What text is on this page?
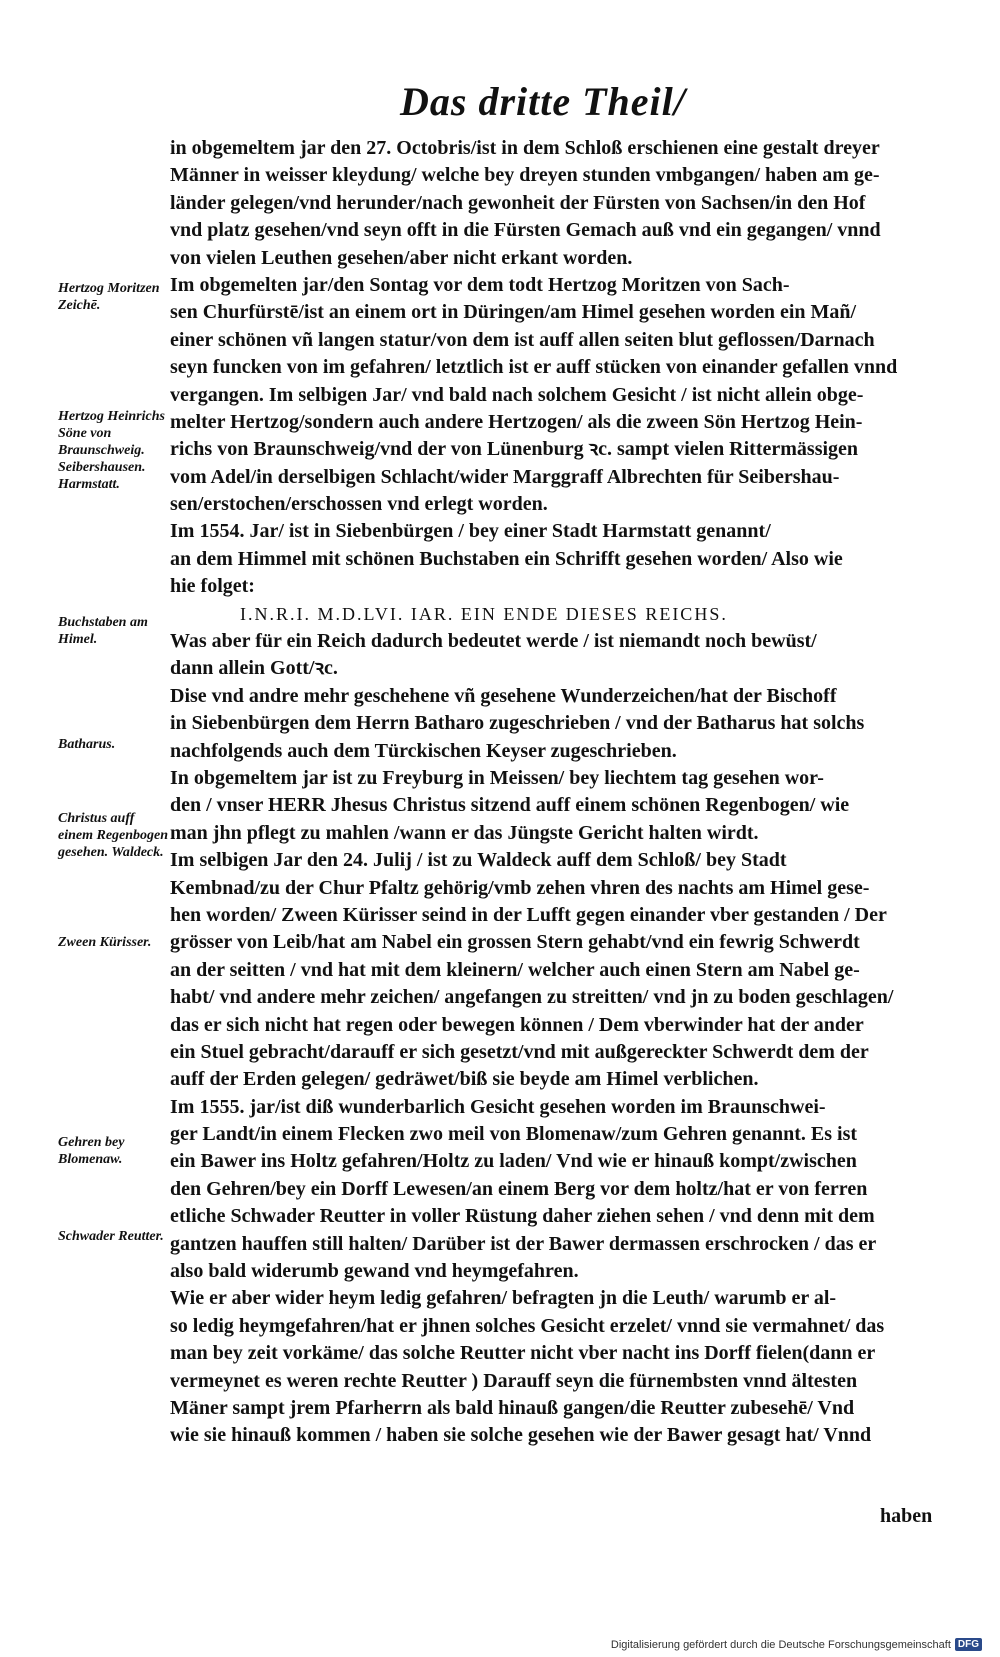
Das dritte Theil/
in obgemeltem jar den 27. Octobris/ist in dem Schloß erschienen eine gestalt dreyer
Männer in weisser kleydung/ welche bey dreyen stunden vmbgangen/ haben am ge-
länder gelegen/vnd herunder/nach gewonheit der Fürsten von Sachsen/in den Hof
vnd platz gesehen/vnd seyn offt in die Fürsten Gemach auß vnd ein gegangen/ vnnd
von vielen Leuthen gesehen/aber nicht erkant worden.
Im obgemelten jar/den Sontag vor dem todt Hertzog Moritzen von Sach-
sen Churfürstē/ist an einem ort in Düringen/am Himel gesehen worden ein Mañ/
einer schönen vñ langen statur/von dem ist auff allen seiten blut geflossen/Darnach
seyn funcken von im gefahren/ letztlich ist er auff stücken von einander gefallen vnnd
vergangen. Im selbigen Jar/ vnd bald nach solchem Gesicht / ist nicht allein obge-
melter Hertzog/sondern auch andere Hertzogen/ als die zween Sön Hertzog Hein-
richs von Braunschweig/vnd der von Lünenburg ꝛc. sampt vielen Rittermässigen
vom Adel/in derselbigen Schlacht/wider Marggraff Albrechten für Seibershau-
sen/erstochen/erschossen vnd erlegt worden.
Im 1554. Jar/ ist in Siebenbürgen / bey einer Stadt Harmstatt genannt/
an dem Himmel mit schönen Buchstaben ein Schrifft gesehen worden/ Also wie
hie folget:
I.N.R.I. M.D.LVI. IAR. EIN ENDE DIESES REICHS.
Was aber für ein Reich dadurch bedeutet werde / ist niemandt noch bewüst/
dann allein Gott/ꝛc.
Dise vnd andre mehr geschehene vñ gesehene Wunderzeichen/hat der Bischoff
in Siebenbürgen dem Herrn Batharo zugeschrieben / vnd der Batharus hat solchs
nachfolgends auch dem Türckischen Keyser zugeschrieben.
In obgemeltem jar ist zu Freyburg in Meissen/ bey liechtem tag gesehen wor-
den / vnser HERR Jhesus Christus sitzend auff einem schönen Regenbogen/ wie
man jhn pflegt zu mahlen /wann er das Jüngste Gericht halten wirdt.
Im selbigen Jar den 24. Julij / ist zu Waldeck auff dem Schloß/ bey Stadt
Kembnad/zu der Chur Pfaltz gehörig/vmb zehen vhren des nachts am Himel gese-
hen worden/ Zween Kürisser seind in der Lufft gegen einander vber gestanden / Der
grösser von Leib/hat am Nabel ein grossen Stern gehabt/vnd ein fewrig Schwerdt
an der seitten / vnd hat mit dem kleinern/ welcher auch einen Stern am Nabel ge-
habt/ vnd andere mehr zeichen/ angefangen zu streitten/ vnd jn zu boden geschlagen/
das er sich nicht hat regen oder bewegen können / Dem vberwinder hat der ander
ein Stuel gebracht/darauff er sich gesetzt/vnd mit außgereckter Schwerdt dem der
auff der Erden gelegen/ gedräwet/biß sie beyde am Himel verblichen.
Im 1555. jar/ist diß wunderbarlich Gesicht gesehen worden im Braunschwei-
ger Landt/in einem Flecken zwo meil von Blomenaw/zum Gehren genannt. Es ist
ein Bawer ins Holtz gefahren/Holtz zu laden/ Vnd wie er hinauß kompt/zwischen
den Gehren/bey ein Dorff Lewesen/an einem Berg vor dem holtz/hat er von ferren
etliche Schwader Reutter in voller Rüstung daher ziehen sehen / vnd denn mit dem
gantzen hauffen still halten/ Darüber ist der Bawer dermassen erschrocken / das er
also bald widerumb gewand vnd heymgefahren.
Wie er aber wider heym ledig gefahren/ befragten jn die Leuth/ warumb er al-
so ledig heymgefahren/hat er jhnen solches Gesicht erzelet/ vnnd sie vermahnet/ das
man bey zeit vorkäme/ das solche Reutter nicht vber nacht ins Dorff fielen(dann er
vermeynet es weren rechte Reutter ) Darauff seyn die fürnembsten vnnd ältesten
Mäner sampt jrem Pfarherrn als bald hinauß gangen/die Reutter zubesehē/ Vnd
wie sie hinauß kommen / haben sie solche gesehen wie der Bawer gesagt hat/ Vnnd
Hertzog Moritzen Zeichē.
Hertzog Heinrichs Söne von Braunschweig. Seibershausen. Harmstatt.
Buchstaben am Himel.
Batharus.
Christus auff einem Regenbogen gesehen. Waldeck.
Zween Kürisser.
Gehren bey Blomenaw.
Schwader Reutter.
haben
Digitalisierung gefördert durch die Deutsche Forschungsgemeinschaft DFG
